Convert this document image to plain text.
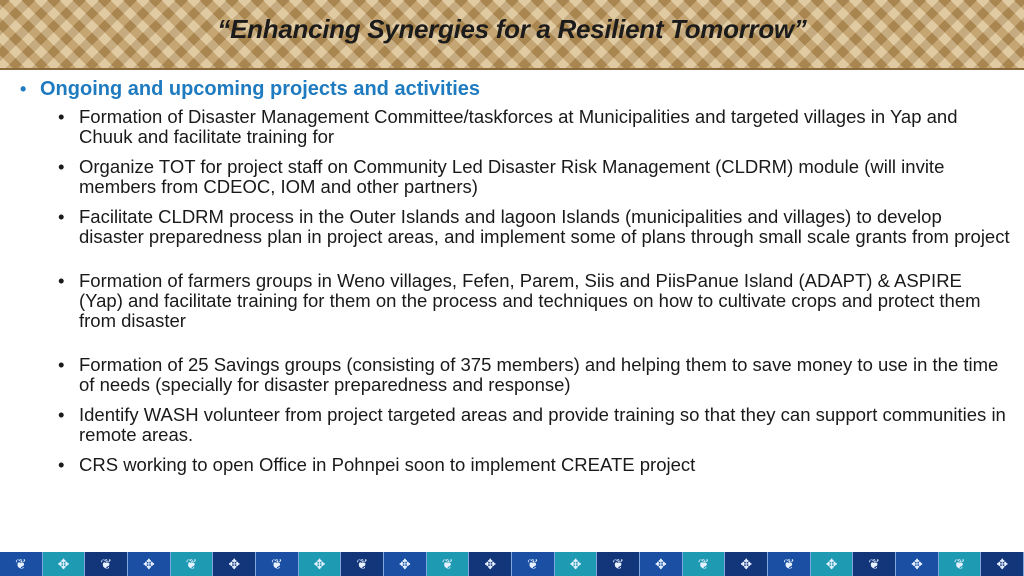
“Enhancing Synergies for a Resilient Tomorrow”
• Ongoing and upcoming projects and activities
• Formation of Disaster Management Committee/taskforces at Municipalities and targeted villages in Yap and Chuuk and facilitate training for
• Organize TOT for project staff on Community Led Disaster Risk Management (CLDRM) module (will invite members from CDEOC, IOM and other partners)
• Facilitate CLDRM process in the Outer Islands and lagoon Islands (municipalities and villages) to develop disaster preparedness plan in project areas, and implement some of plans through small scale grants from project
• Formation of farmers groups in Weno villages, Fefen, Parem, Siis and PiisPanue Island (ADAPT) & ASPIRE (Yap) and facilitate training for them on the process and techniques on how to cultivate crops and protect them from disaster
• Formation of 25 Savings groups (consisting of 375 members) and helping them to save money to use in the time of needs (specially for disaster preparedness and response)
• Identify WASH volunteer from project targeted areas and provide training so that they can support communities in remote areas.
• CRS working to open Office in Pohnpei soon to implement CREATE project
❦ ✥ ❦ ✥ ❦ ✥ ❦ ✥ ❦ ✥ ❦ ✥ ❦ ✥ ❦ ✥ ❦ ✥ ❦ ✥ ❦ ✥ ❦ ✥
